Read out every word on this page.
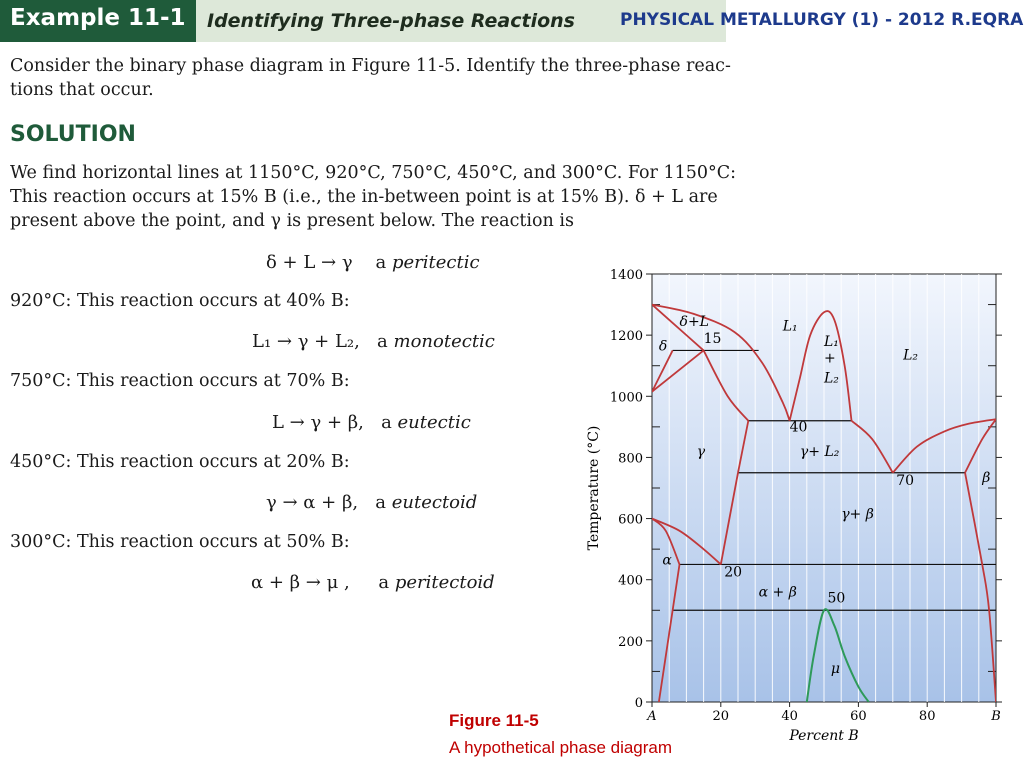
Example 11-1 Identifying Three-phase Reactions	PHYSICAL METALLURGY (1) - 2012 R.EQRA
Consider the binary phase diagram in Figure 11-5. Identify the three-phase reac-
tions that occur.
SOLUTION
We find horizontal lines at 1150°C, 920°C, 750°C, 450°C, and 300°C. For 1150°C:
This reaction occurs at 15% B (i.e., the in-between point is at 15% B). δ + L are
present above the point, and γ is present below. The reaction is
δ + L → γ a peritectic
920°C: This reaction occurs at 40% B:
L₁ → γ + L₂, a monotectic
750°C: This reaction occurs at 70% B:
L → γ + β, a eutectic
450°C: This reaction occurs at 20% B:
γ → α + β, a eutectoid
300°C: This reaction occurs at 50% B:
α + β → μ , a peritectoid
Figure 11-5
A hypothetical phase diagram
0
200
400
600
800
1000
1200
1400
A	20	40	60	80	B
δ+L
15
δ
L₁
L₁
+
L₂
L₂
40
γ	γ+ L₂
70	β
γ+ β
α
20
α + β 50
μ
Temperature (°C)
Percent B
